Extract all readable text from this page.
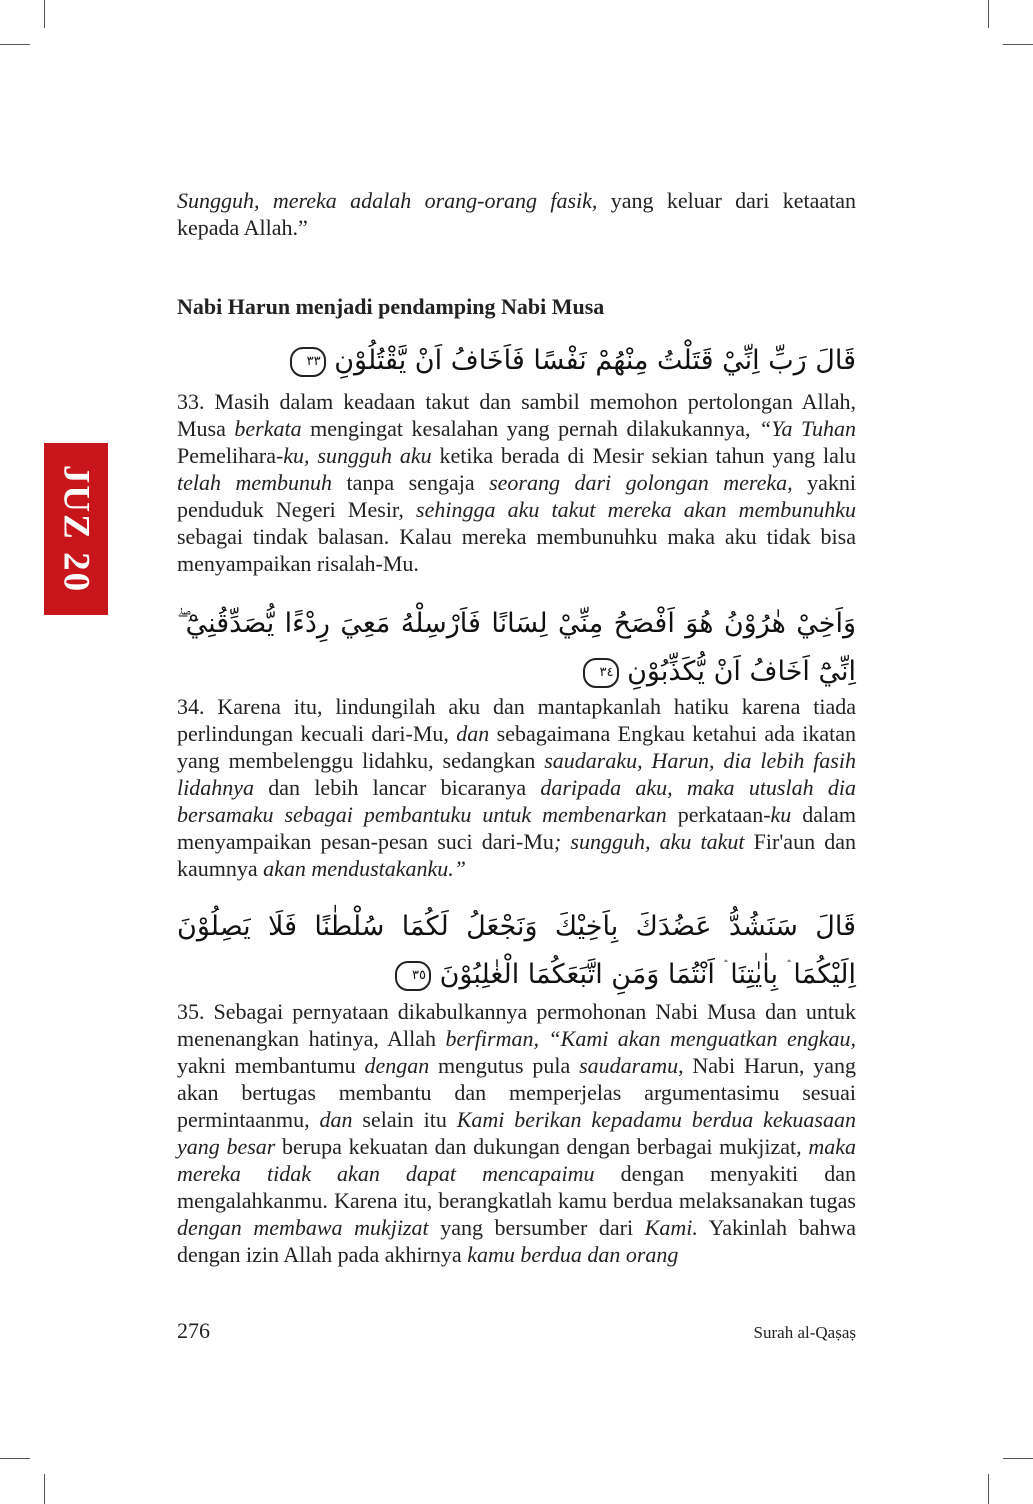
JUZ 20

Sungguh, mereka adalah orang-orang fasik, yang keluar dari ketaatan kepada Allah.”

Nabi Harun menjadi pendamping Nabi Musa
قَالَ رَبِّ اِنِّيْ قَتَلْتُ مِنْهُمْ نَفْسًا فَاَخَافُ اَنْ يَّقْتُلُوْنِ ٣٣

33. Masih dalam keadaan takut dan sambil memohon pertolongan Allah, Musa berkata mengingat kesalahan yang pernah dilakukannya, “Ya Tuhan Pemelihara-ku, sungguh aku ketika berada di Mesir sekian tahun yang lalu telah membunuh tanpa sengaja seorang dari golongan mereka, yakni penduduk Negeri Mesir, sehingga aku takut mereka akan membunuhku sebagai tindak balasan. Kalau mereka membunuhku maka aku tidak bisa menyampaikan risalah-Mu.

وَاَخِيْ هٰرُوْنُ هُوَ اَفْصَحُ مِنِّيْ لِسَانًا فَاَرْسِلْهُ مَعِيَ رِدْءًا يُّصَدِّقُنِيْٓ ۖ اِنِّيْٓ اَخَافُ اَنْ يُّكَذِّبُوْنِ ٣٤

34. Karena itu, lindungilah aku dan mantapkanlah hatiku karena tiada perlindungan kecuali dari-Mu, dan sebagaimana Engkau ketahui ada ikatan yang membelenggu lidahku, sedangkan saudaraku, Harun, dia lebih fasih lidahnya dan lebih lancar bicaranya daripada aku, maka utuslah dia bersamaku sebagai pembantuku untuk membenarkan perkataan-ku dalam menyampaikan pesan-pesan suci dari-Mu; sungguh, aku takut Fir'aun dan kaumnya akan mendustakanku.”

قَالَ سَنَشُدُّ عَضُدَكَ بِاَخِيْكَ وَنَجْعَلُ لَكُمَا سُلْطٰنًا فَلَا يَصِلُوْنَ اِلَيْكُمَا ۛ بِاٰيٰتِنَا ۛ اَنْتُمَا وَمَنِ اتَّبَعَكُمَا الْغٰلِبُوْنَ ٣٥

35. Sebagai pernyataan dikabulkannya permohonan Nabi Musa dan untuk menenangkan hatinya, Allah berfirman, “Kami akan menguatkan engkau, yakni membantumu dengan mengutus pula saudaramu, Nabi Harun, yang akan bertugas membantu dan memperjelas argumentasimu sesuai permintaanmu, dan selain itu Kami berikan kepadamu berdua kekuasaan yang besar berupa kekuatan dan dukungan dengan berbagai mukjizat, maka mereka tidak akan dapat mencapaimu dengan menyakiti dan mengalahkanmu. Karena itu, berangkatlah kamu berdua melaksanakan tugas dengan membawa mukjizat yang bersumber dari Kami. Yakinlah bahwa dengan izin Allah pada akhirnya kamu berdua dan orang

276	Surah al-Qaṣaṣ
